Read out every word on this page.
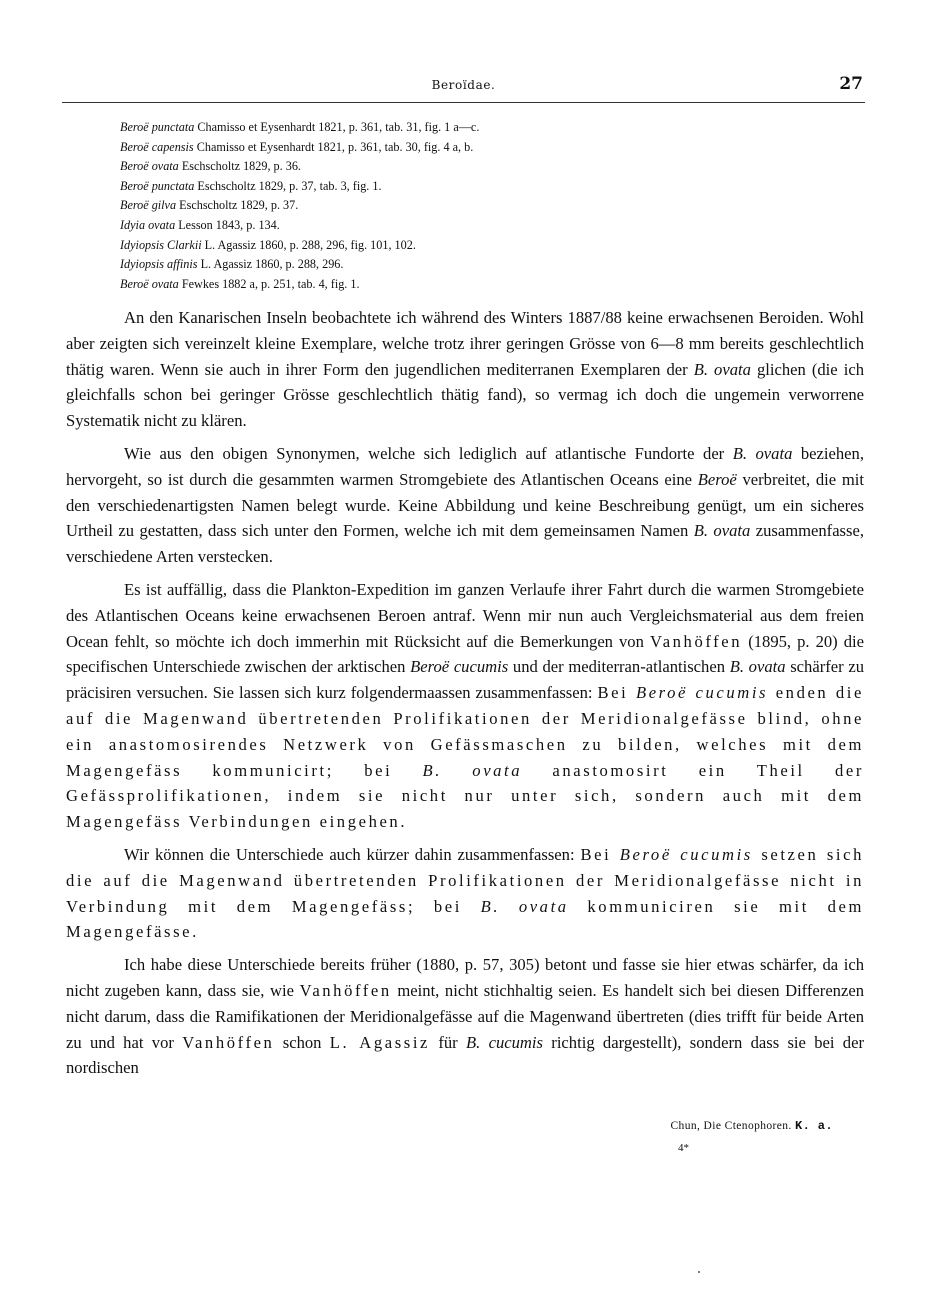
Beroïdae.	27
Beroë punctata Chamisso et Eysenhardt 1821, p. 361, tab. 31, fig. 1 a—c.
Beroë capensis Chamisso et Eysenhardt 1821, p. 361, tab. 30, fig. 4 a, b.
Beroë ovata Eschscholtz 1829, p. 36.
Beroë punctata Eschscholtz 1829, p. 37, tab. 3, fig. 1.
Beroë gilva Eschscholtz 1829, p. 37.
Idyia ovata Lesson 1843, p. 134.
Idyiopsis Clarkii L. Agassiz 1860, p. 288, 296, fig. 101, 102.
Idyiopsis affinis L. Agassiz 1860, p. 288, 296.
Beroë ovata Fewkes 1882 a, p. 251, tab. 4, fig. 1.

An den Kanarischen Inseln beobachtete ich während des Winters 1887/88 keine erwachsenen Beroiden. Wohl aber zeigten sich vereinzelt kleine Exemplare, welche trotz ihrer geringen Grösse von 6—8 mm bereits geschlechtlich thätig waren. Wenn sie auch in ihrer Form den jugendlichen mediterranen Exemplaren der B. ovata glichen (die ich gleichfalls schon bei geringer Grösse geschlechtlich thätig fand), so vermag ich doch die ungemein verworrene Systematik nicht zu klären.

Wie aus den obigen Synonymen, welche sich lediglich auf atlantische Fundorte der B. ovata beziehen, hervorgeht, so ist durch die gesammten warmen Stromgebiete des Atlantischen Oceans eine Beroë verbreitet, die mit den verschiedenartigsten Namen belegt wurde. Keine Abbildung und keine Beschreibung genügt, um ein sicheres Urtheil zu gestatten, dass sich unter den Formen, welche ich mit dem gemeinsamen Namen B. ovata zusammenfasse, verschiedene Arten verstecken.

Es ist auffällig, dass die Plankton-Expedition im ganzen Verlaufe ihrer Fahrt durch die warmen Stromgebiete des Atlantischen Oceans keine erwachsenen Beroen antraf. Wenn mir nun auch Vergleichsmaterial aus dem freien Ocean fehlt, so möchte ich doch immerhin mit Rücksicht auf die Bemerkungen von Vanhöffen (1895, p. 20) die specifischen Unterschiede zwischen der arktischen Beroë cucumis und der mediterran-atlantischen B. ovata schärfer zu präcisiren versuchen. Sie lassen sich kurz folgendermaassen zusammenfassen: Bei Beroë cucumis enden die auf die Magenwand übertretenden Prolifikationen der Meridionalgefässe blind, ohne ein anastomosirendes Netzwerk von Gefässmaschen zu bilden, welches mit dem Magengefäss kommunicirt; bei B. ovata anastomosirt ein Theil der Gefässprolifikationen, indem sie nicht nur unter sich, sondern auch mit dem Magengefäss Verbindungen eingehen.

Wir können die Unterschiede auch kürzer dahin zusammenfassen: Bei Beroë cucumis setzen sich die auf die Magenwand übertretenden Prolifikationen der Meridionalgefässe nicht in Verbindung mit dem Magengefäss; bei B. ovata kommuniciren sie mit dem Magengefässe.

Ich habe diese Unterschiede bereits früher (1880, p. 57, 305) betont und fasse sie hier etwas schärfer, da ich nicht zugeben kann, dass sie, wie Vanhöffen meint, nicht stichhaltig seien. Es handelt sich bei diesen Differenzen nicht darum, dass die Ramifikationen der Meridionalgefässe auf die Magenwand übertreten (dies trifft für beide Arten zu und hat vor Vanhöffen schon L. Agassiz für B. cucumis richtig dargestellt), sondern dass sie bei der nordischen

Chun, Die Ctenophoren. K. a.
4*
